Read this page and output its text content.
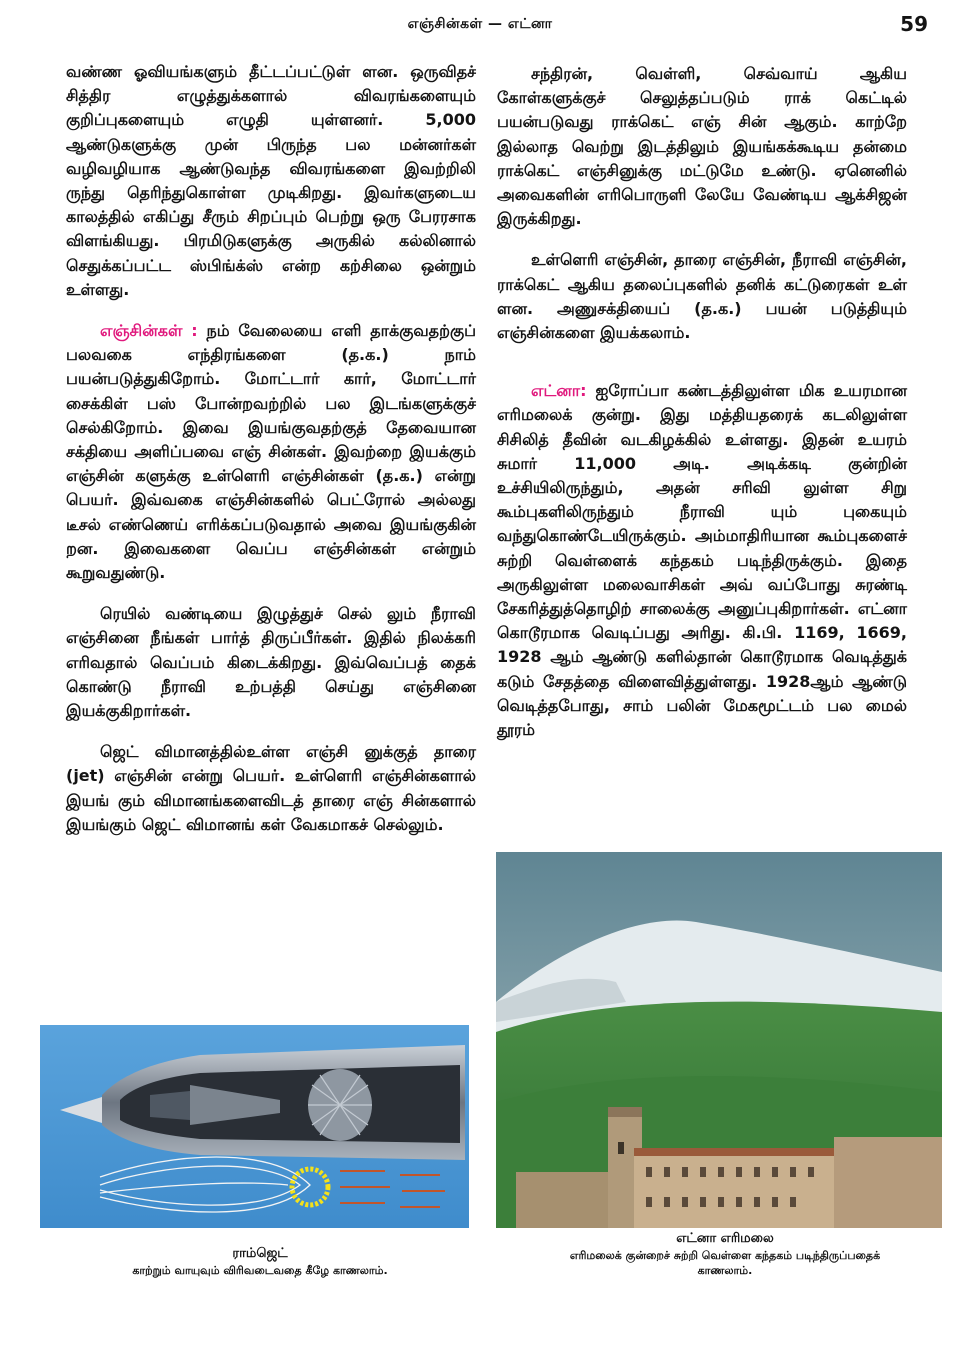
எஞ்சின்கள் — எட்னா	59

வண்ண ஓவியங்களும் தீட்டப்பட்டுள் ளன. ஒருவிதச் சித்திர எழுத்துக்களால் விவரங்களையும் குறிப்புகளையும் எழுதி யுள்ளனர். 5,000 ஆண்டுகளுக்கு முன் பிருந்த பல மன்னர்கள் வழிவழியாக ஆண்டுவந்த விவரங்களை இவற்றிலி ருந்து தெரிந்துகொள்ள முடிகிறது. இவர்களுடைய காலத்தில் எகிப்து சீரும் சிறப்பும் பெற்று ஒரு பேரரசாக விளங்கியது. பிரமிடுகளுக்கு அருகில் கல்லினால் செதுக்கப்பட்ட ஸ்பிங்க்ஸ் என்ற கற்சிலை ஒன்றும் உள்ளது.

எஞ்சின்கள் : நம் வேலையை எளி தாக்குவதற்குப் பலவகை எந்திரங்களை (த.க.) நாம் பயன்படுத்துகிறோம். மோட்டார் கார், மோட்டார் சைக்கிள் பஸ் போன்றவற்றில் பல இடங்களுக்குச் செல்கிறோம். இவை இயங்குவதற்குத் தேவையான சக்தியை அளிப்பவை எஞ் சின்கள். இவற்றை இயக்கும் எஞ்சின் களுக்கு உள்ளெரி எஞ்சின்கள் (த.க.) என்று பெயர். இவ்வகை எஞ்சின்களில் பெட்ரோல் அல்லது டீசல் எண்ணெய் எரிக்கப்படுவதால் அவை இயங்குகின் றன. இவைகளை வெப்ப எஞ்சின்கள் என்றும் கூறுவதுண்டு.

ரெயில் வண்டியை இழுத்துச் செல் லும் நீராவி எஞ்சினை நீங்கள் பார்த் திருப்பீர்கள். இதில் நிலக்கரி எரிவதால் வெப்பம் கிடைக்கிறது. இவ்வெப்பத் தைக் கொண்டு நீராவி உற்பத்தி செய்து எஞ்சினை இயக்குகிறார்கள்.

ஜெட் விமானத்தில்உள்ள எஞ்சி னுக்குத் தாரை (jet) எஞ்சின் என்று பெயர். உள்ளெரி எஞ்சின்களால் இயங் கும் விமானங்களைவிடத் தாரை எஞ் சின்களால் இயங்கும் ஜெட் விமானங் கள் வேகமாகச் செல்லும்.

சந்திரன், வெள்ளி, செவ்வாய் ஆகிய கோள்களுக்குச் செலுத்தப்படும் ராக் கெட்டில் பயன்படுவது ராக்கெட் எஞ் சின் ஆகும். காற்றே இல்லாத வெற்று இடத்திலும் இயங்கக்கூடிய தன்மை ராக்கெட் எஞ்சினுக்கு மட்டுமே உண்டு. ஏனெனில் அவைகளின் எரிபொருளி லேயே வேண்டிய ஆக்சிஜன் இருக்கிறது.

உள்ளெரி எஞ்சின், தாரை எஞ்சின், நீராவி எஞ்சின், ராக்கெட் ஆகிய தலைப்புகளில் தனிக் கட்டுரைகள் உள் ளன. அணுசக்தியைப் (த.க.) பயன் படுத்தியும் எஞ்சின்களை இயக்கலாம்.

எட்னா: ஐரோப்பா கண்டத்திலுள்ள மிக உயரமான எரிமலைக் குன்று. இது மத்தியதரைக் கடலிலுள்ள சிசிலித் தீவின் வடகிழக்கில் உள்ளது. இதன் உயரம் சுமார் 11,000 அடி. அடிக்கடி குன்றின் உச்சியிலிருந்தும், அதன் சரிவி லுள்ள சிறு கூம்புகளிலிருந்தும் நீராவி யும் புகையும் வந்துகொண்டேயிருக்கும். அம்மாதிரியான கூம்புகளைச் சுற்றி வெள்ளைக் கந்தகம் படிந்திருக்கும். இதை அருகிலுள்ள மலைவாசிகள் அவ் வப்போது சுரண்டி சேகரித்துத்தொழிற் சாலைக்கு அனுப்புகிறார்கள். எட்னா கொடூரமாக வெடிப்பது அரிது. கி.பி. 1169, 1669, 1928 ஆம் ஆண்டு களில்தான் கொடூரமாக வெடித்துக் கடும் சேதத்தை விளைவித்துள்ளது. 1928ஆம் ஆண்டு வெடித்தபோது, சாம் பலின் மேகமூட்டம் பல மைல் தூரம்

ராம்ஜெட்
காற்றும் வாயுவும் விரிவடைவதை கீழே காணலாம்.
எட்னா எரிமலை
எரிமலைக் குன்றைச் சுற்றி வெள்ளை கந்தகம் படிந்திருப்பதைக் காணலாம்.
